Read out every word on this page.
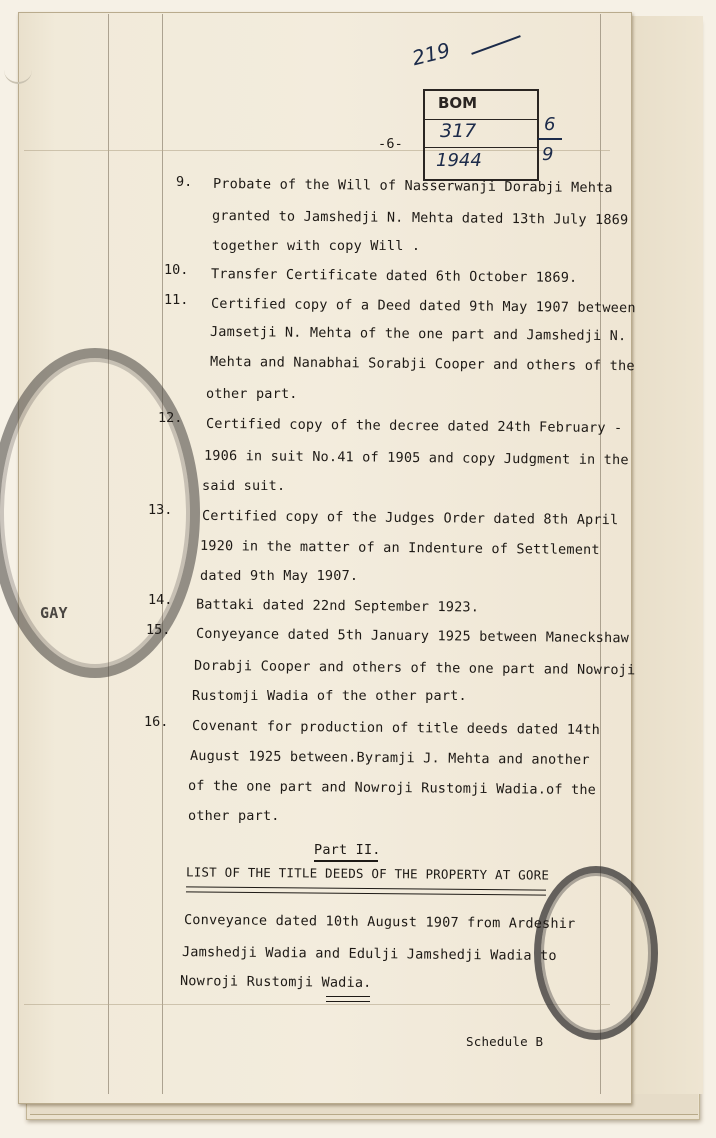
GAY
219
BOM
317
1944
6
9
-6-
9. Probate of the Will of Nasserwanji Dorabji Mehta
granted to Jamshedji N. Mehta dated 13th July 1869
together with copy Will .
10. Transfer Certificate dated 6th October 1869.
11. Certified copy of a Deed dated 9th May 1907 between
Jamsetji N. Mehta of the one part and Jamshedji N.
Mehta and Nanabhai Sorabji Cooper and others of the
other part.
12. Certified copy of the decree dated 24th February -
1906 in suit No.41 of 1905 and copy Judgment in the
said suit.
13. Certified copy of the Judges Order dated 8th April
1920 in the matter of an Indenture of Settlement
dated 9th May 1907.
14. Battaki dated 22nd September 1923.
15. Conyeyance dated 5th January 1925 between Maneckshaw
Dorabji Cooper and others of the one part and Nowroji
Rustomji Wadia of the other part.
16. Covenant for production of title deeds dated 14th
August 1925 between.Byramji J. Mehta and another
of the one part and Nowroji Rustomji Wadia.of the
other part.
Part II.
LIST OF THE TITLE DEEDS OF THE PROPERTY AT GORE
Conveyance dated 10th August 1907 from Ardeshir
Jamshedji Wadia and Edulji Jamshedji Wadia to
Nowroji Rustomji Wadia.
Schedule B
